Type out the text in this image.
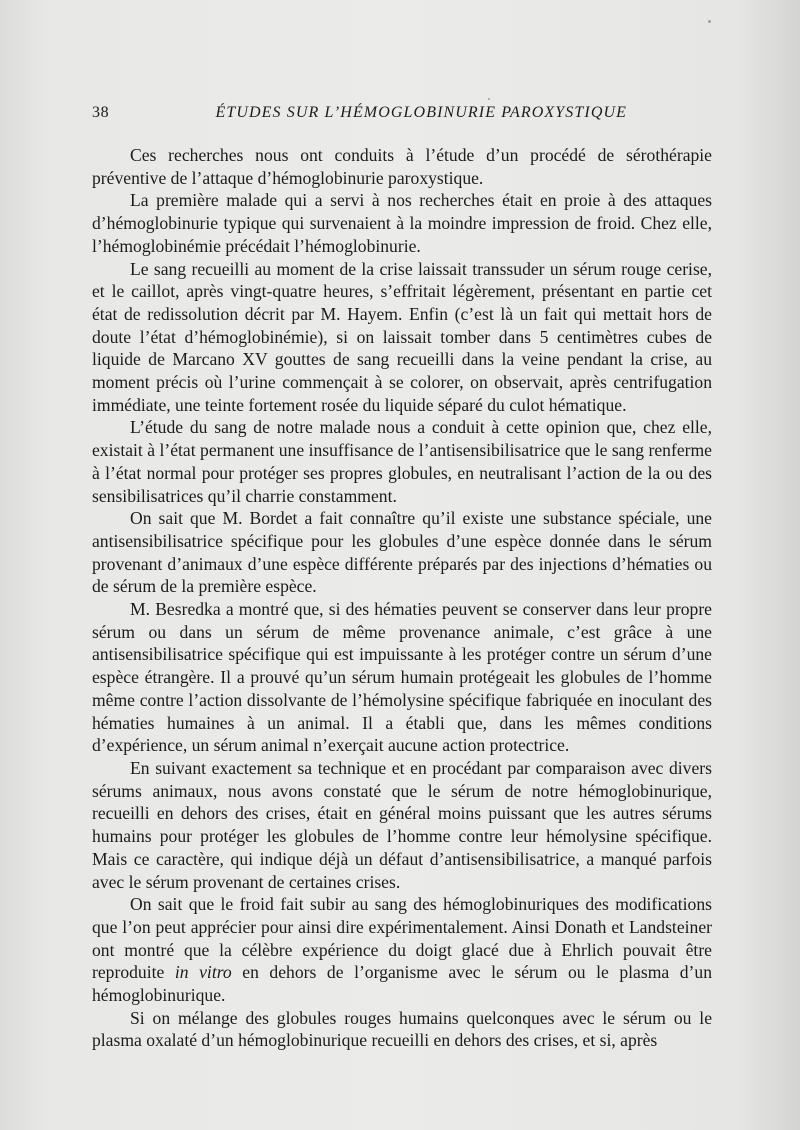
38	ÉTUDES SUR L’HÉMOGLOBINURIE PAROXYSTIQUE

Ces recherches nous ont conduits à l’étude d’un procédé de sérothérapie préventive de l’attaque d’hémoglobinurie paroxystique.

La première malade qui a servi à nos recherches était en proie à des attaques d’hémoglobinurie typique qui survenaient à la moindre impression de froid. Chez elle, l’hémoglobinémie précédait l’hémoglobinurie.

Le sang recueilli au moment de la crise laissait transsuder un sérum rouge cerise, et le caillot, après vingt-quatre heures, s’effritait légèrement, présentant en partie cet état de redissolution décrit par M. Hayem. Enfin (c’est là un fait qui mettait hors de doute l’état d’hémoglobinémie), si on laissait tomber dans 5 centimètres cubes de liquide de Marcano XV gouttes de sang recueilli dans la veine pendant la crise, au moment précis où l’urine commençait à se colorer, on observait, après centrifugation immédiate, une teinte fortement rosée du liquide séparé du culot hématique.

L’étude du sang de notre malade nous a conduit à cette opinion que, chez elle, existait à l’état permanent une insuffisance de l’antisensibilisatrice que le sang renferme à l’état normal pour protéger ses propres globules, en neutralisant l’action de la ou des sensibilisatrices qu’il charrie constamment.

On sait que M. Bordet a fait connaître qu’il existe une substance spéciale, une antisensibilisatrice spécifique pour les globules d’une espèce donnée dans le sérum provenant d’animaux d’une espèce différente préparés par des injections d’hématies ou de sérum de la première espèce.

M. Besredka a montré que, si des hématies peuvent se conserver dans leur propre sérum ou dans un sérum de même provenance animale, c’est grâce à une antisensibilisatrice spécifique qui est impuissante à les protéger contre un sérum d’une espèce étrangère. Il a prouvé qu’un sérum humain protégeait les globules de l’homme même contre l’action dissolvante de l’hémolysine spécifique fabriquée en inoculant des hématies humaines à un animal. Il a établi que, dans les mêmes conditions d’expérience, un sérum animal n’exerçait aucune action protectrice.

En suivant exactement sa technique et en procédant par comparaison avec divers sérums animaux, nous avons constaté que le sérum de notre hémoglobinurique, recueilli en dehors des crises, était en général moins puissant que les autres sérums humains pour protéger les globules de l’homme contre leur hémolysine spécifique. Mais ce caractère, qui indique déjà un défaut d’antisensibilisatrice, a manqué parfois avec le sérum provenant de certaines crises.

On sait que le froid fait subir au sang des hémoglobinuriques des modifications que l’on peut apprécier pour ainsi dire expérimentalement. Ainsi Donath et Landsteiner ont montré que la célèbre expérience du doigt glacé due à Ehrlich pouvait être reproduite in vitro en dehors de l’organisme avec le sérum ou le plasma d’un hémoglobinurique.

Si on mélange des globules rouges humains quelconques avec le sérum ou le plasma oxalaté d’un hémoglobinurique recueilli en dehors des crises, et si, après
